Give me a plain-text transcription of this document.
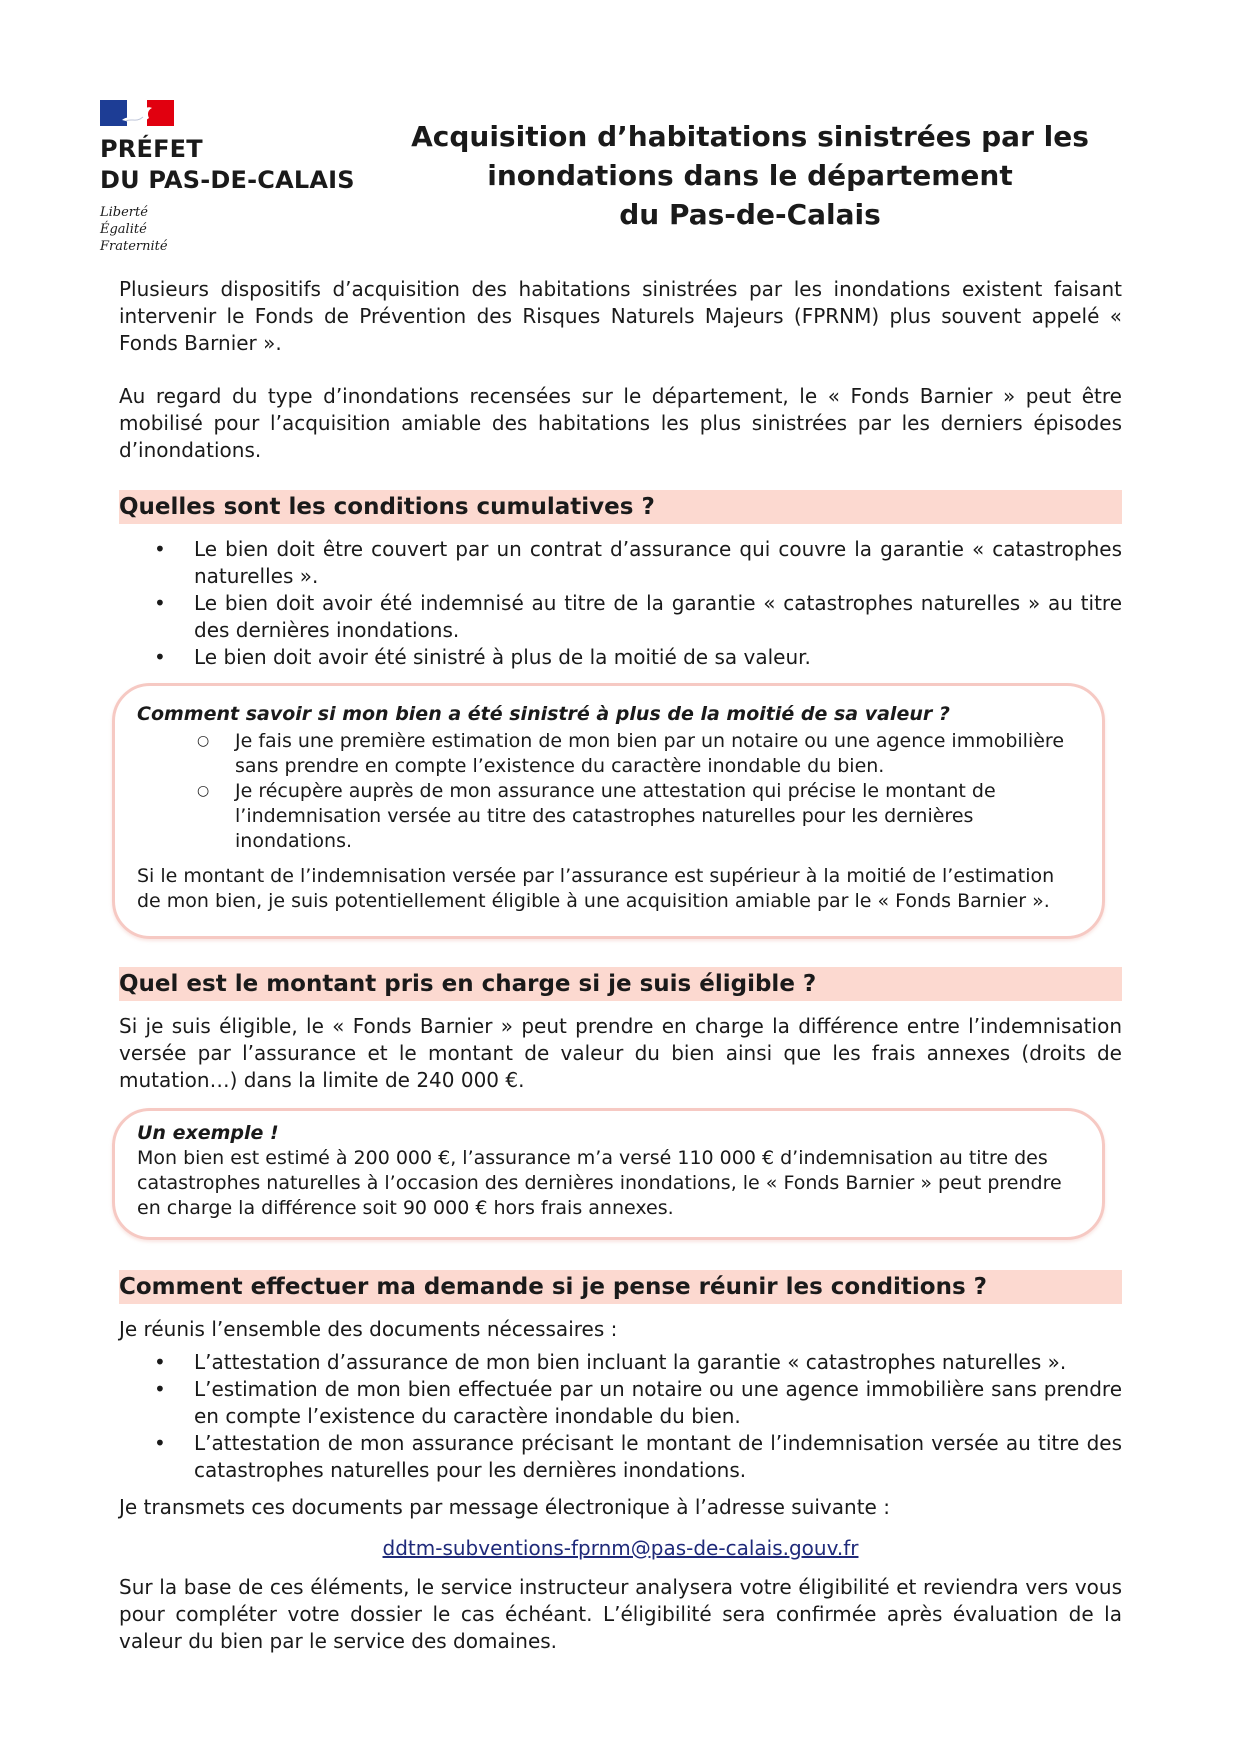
PRÉFET
DU PAS-DE-CALAIS
Liberté
Égalité
Fraternité
Acquisition d’habitations sinistrées par les
inondations dans le département
du Pas-de-Calais

Plusieurs dispositifs d’acquisition des habitations sinistrées par les inondations existent faisant intervenir le Fonds de Prévention des Risques Naturels Majeurs (FPRNM) plus souvent appelé « Fonds Barnier ».

Au regard du type d’inondations recensées sur le département, le « Fonds Barnier » peut être mobilisé pour l’acquisition amiable des habitations les plus sinistrées par les derniers épisodes d’inondations.

Quelles sont les conditions cumulatives ?
• Le bien doit être couvert par un contrat d’assurance qui couvre la garantie « catastrophes naturelles ».
• Le bien doit avoir été indemnisé au titre de la garantie « catastrophes naturelles » au titre des dernières inondations.
• Le bien doit avoir été sinistré à plus de la moitié de sa valeur.
Comment savoir si mon bien a été sinistré à plus de la moitié de sa valeur ?
○ Je fais une première estimation de mon bien par un notaire ou une agence immobilière sans prendre en compte l’existence du caractère inondable du bien.
○ Je récupère auprès de mon assurance une attestation qui précise le montant de l’indemnisation versée au titre des catastrophes naturelles pour les dernières inondations.

Si le montant de l’indemnisation versée par l’assurance est supérieur à la moitié de l’estimation de mon bien, je suis potentiellement éligible à une acquisition amiable par le « Fonds Barnier ».

Quel est le montant pris en charge si je suis éligible ?

Si je suis éligible, le « Fonds Barnier » peut prendre en charge la différence entre l’indemnisation versée par l’assurance et le montant de valeur du bien ainsi que les frais annexes (droits de mutation…) dans la limite de 240 000 €.

Un exemple !

Mon bien est estimé à 200 000 €, l’assurance m’a versé 110 000 € d’indemnisation au titre des catastrophes naturelles à l’occasion des dernières inondations, le « Fonds Barnier » peut prendre en charge la différence soit 90 000 € hors frais annexes.

Comment effectuer ma demande si je pense réunir les conditions ?

Je réunis l’ensemble des documents nécessaires :

• L’attestation d’assurance de mon bien incluant la garantie « catastrophes naturelles ».
• L’estimation de mon bien effectuée par un notaire ou une agence immobilière sans prendre en compte l’existence du caractère inondable du bien.
• L’attestation de mon assurance précisant le montant de l’indemnisation versée au titre des catastrophes naturelles pour les dernières inondations.

Je transmets ces documents par message électronique à l’adresse suivante :

ddtm-subventions-fprnm@pas-de-calais.gouv.fr

Sur la base de ces éléments, le service instructeur analysera votre éligibilité et reviendra vers vous pour compléter votre dossier le cas échéant. L’éligibilité sera confirmée après évaluation de la valeur du bien par le service des domaines.
